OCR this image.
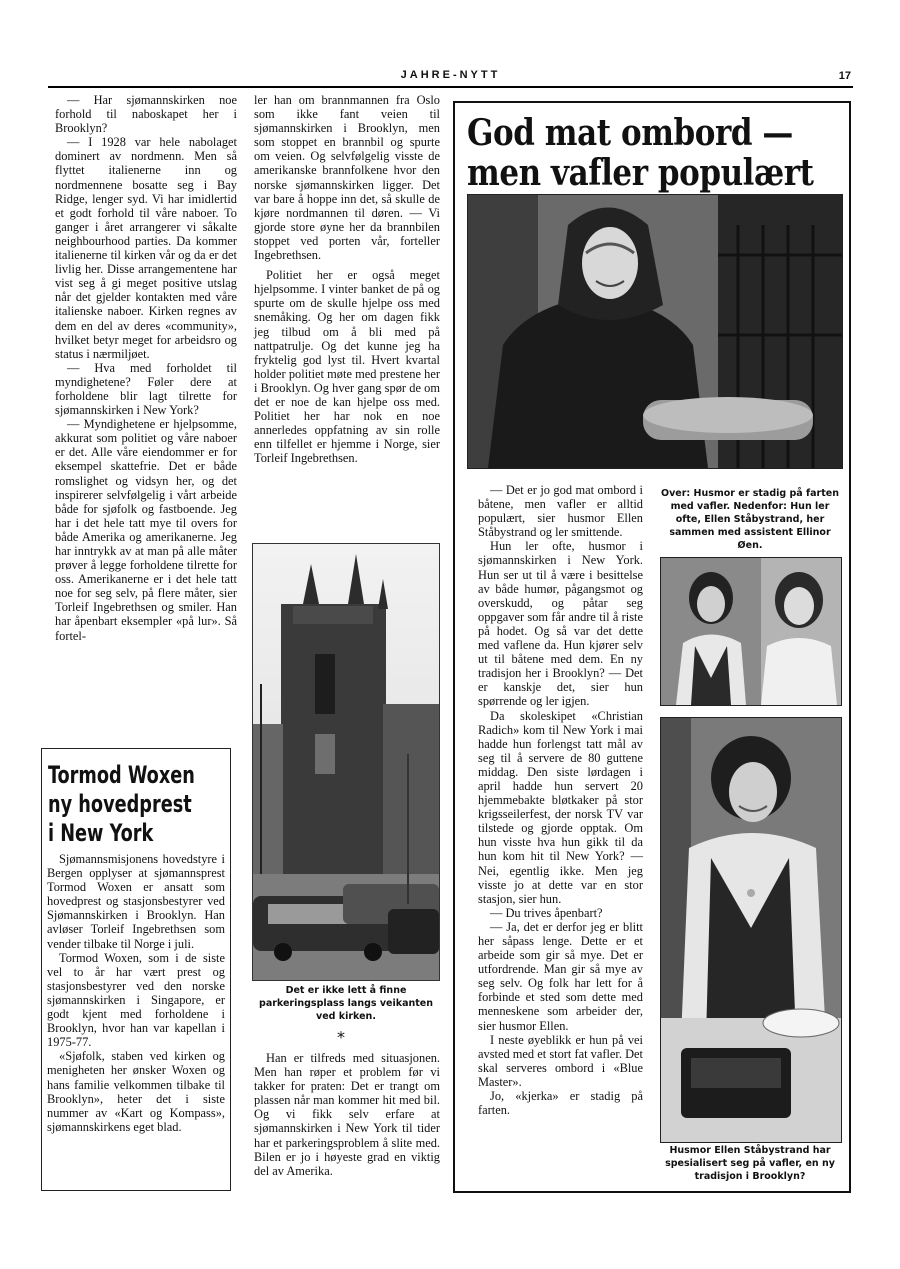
JAHRE-NYTT	17

— Har sjømannskirken noe forhold til naboskapet her i Brooklyn?

— I 1928 var hele nabolaget dominert av nordmenn. Men så flyttet italienerne inn og nordmennene bosatte seg i Bay Ridge, lenger syd. Vi har imidlertid et godt forhold til våre naboer. To ganger i året arrangerer vi såkalte neighbourhood parties. Da kommer italienerne til kirken vår og da er det livlig her. Disse arrangementene har vist seg å gi meget positive utslag når det gjelder kontakten med våre italienske naboer. Kirken regnes av dem en del av deres «community», hvilket betyr meget for arbeidsro og status i nærmiljøet.

— Hva med forholdet til myndighetene? Føler dere at forholdene blir lagt tilrette for sjømannskirken i New York?

— Myndighetene er hjelpsomme, akkurat som politiet og våre naboer er det. Alle våre eiendommer er for eksempel skattefrie. Det er både romslighet og vidsyn her, og det inspirerer selvfølgelig i vårt arbeide både for sjøfolk og fastboende. Jeg har i det hele tatt mye til overs for både Amerika og amerikanerne. Jeg har inntrykk av at man på alle måter prøver å legge forholdene tilrette for oss. Amerikanerne er i det hele tatt noe for seg selv, på flere måter, sier Torleif Ingebrethsen og smiler. Han har åpenbart eksempler «på lur». Så fortel-

ler han om brannmannen fra Oslo som ikke fant veien til sjømannskirken i Brooklyn, men som stoppet en brannbil og spurte om veien. Og selvfølgelig visste de amerikanske brannfolkene hvor den norske sjømannskirken ligger. Det var bare å hoppe inn det, så skulle de kjøre nordmannen til døren. — Vi gjorde store øyne her da brannbilen stoppet ved porten vår, forteller Ingebrethsen.

Politiet her er også meget hjelpsomme. I vinter banket de på og spurte om de skulle hjelpe oss med snemåking. Og her om dagen fikk jeg tilbud om å bli med på nattpatrulje. Og det kunne jeg ha fryktelig god lyst til. Hvert kvartal holder politiet møte med prestene her i Brooklyn. Og hver gang spør de om det er noe de kan hjelpe oss med. Politiet her har nok en noe annerledes oppfatning av sin rolle enn tilfellet er hjemme i Norge, sier Torleif Ingebrethsen.

Det er ikke lett å finne parkeringsplass langs veikanten ved kirken.
⁎

Han er tilfreds med situasjonen. Men han røper et problem før vi takker for praten: Det er trangt om plassen når man kommer hit med bil. Og vi fikk selv erfare at sjømannskirken i New York til tider har et parkeringsproblem å slite med. Bilen er jo i høyeste grad en viktig del av Amerika.

Tormod Woxen
ny hovedprest
i New York

Sjømannsmisjonens hovedstyre i Bergen opplyser at sjømannsprest Tormod Woxen er ansatt som hovedprest og stasjonsbestyrer ved Sjømannskirken i Brooklyn. Han avløser Torleif Ingebrethsen som vender tilbake til Norge i juli.

Tormod Woxen, som i de siste vel to år har vært prest og stasjonsbestyrer ved den norske sjømannskirken i Singapore, er godt kjent med forholdene i Brooklyn, hvor han var kapellan i 1975-77.

«Sjøfolk, staben ved kirken og menigheten her ønsker Woxen og hans familie velkommen tilbake til Brooklyn», heter det i siste nummer av «Kart og Kompass», sjømannskirkens eget blad.

God mat ombord —
men vafler populært

— Det er jo god mat ombord i båtene, men vafler er alltid populært, sier husmor Ellen Ståbystrand og ler smittende.

Hun ler ofte, husmor i sjømannskirken i New York. Hun ser ut til å være i besittelse av både humør, pågangsmot og overskudd, og påtar seg oppgaver som får andre til å riste på hodet. Og så var det dette med vaflene da. Hun kjører selv ut til båtene med dem. En ny tradisjon her i Brooklyn? — Det er kanskje det, sier hun spørrende og ler igjen.

Da skoleskipet «Christian Radich» kom til New York i mai hadde hun forlengst tatt mål av seg til å servere de 80 guttene middag. Den siste lørdagen i april hadde hun servert 20 hjemmebakte bløtkaker på stor krigsseilerfest, der norsk TV var tilstede og gjorde opptak. Om hun visste hva hun gikk til da hun kom hit til New York? — Nei, egentlig ikke. Men jeg visste jo at dette var en stor stasjon, sier hun.

— Du trives åpenbart?

— Ja, det er derfor jeg er blitt her såpass lenge. Dette er et arbeide som gir så mye. Det er utfordrende. Man gir så mye av seg selv. Og folk har lett for å forbinde et sted som dette med menneskene som arbeider der, sier husmor Ellen.

I neste øyeblikk er hun på vei avsted med et stort fat vafler. Det skal serveres ombord i «Blue Master».

Jo, «kjerka» er stadig på farten.

Over: Husmor er stadig på farten med vafler. Nedenfor: Hun ler ofte, Ellen Ståbystrand, her sammen med assistent Ellinor Øen.
Husmor Ellen Ståbystrand har spesialisert seg på vafler, en ny tradisjon i Brooklyn?
